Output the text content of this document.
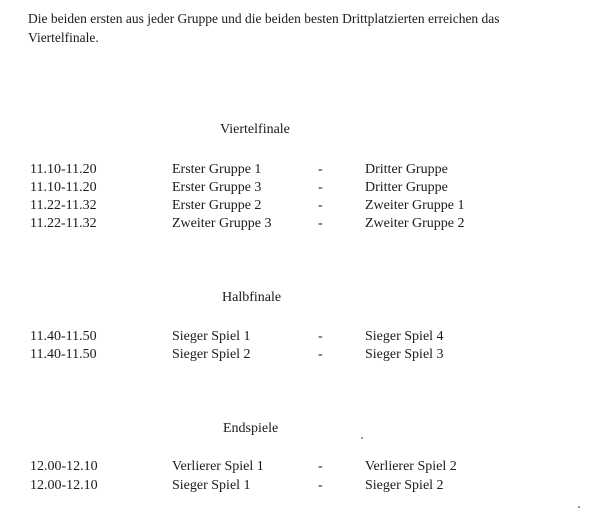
Die beiden ersten aus jeder Gruppe und die beiden besten Drittplatzierten erreichen das
Viertelfinale.
Viertelfinale
11.10-11.20	Erster Gruppe 1	-	Dritter Gruppe
11.10-11.20	Erster Gruppe 3	-	Dritter Gruppe
11.22-11.32	Erster Gruppe 2	-	Zweiter Gruppe 1
11.22-11.32	Zweiter Gruppe 3	-	Zweiter Gruppe 2
Halbfinale
11.40-11.50	Sieger Spiel 1	-	Sieger Spiel 4
11.40-11.50	Sieger Spiel 2	-	Sieger Spiel 3
Endspiele
12.00-12.10	Verlierer Spiel 1	-	Verlierer Spiel 2
12.00-12.10	Sieger Spiel 1	-	Sieger Spiel 2
